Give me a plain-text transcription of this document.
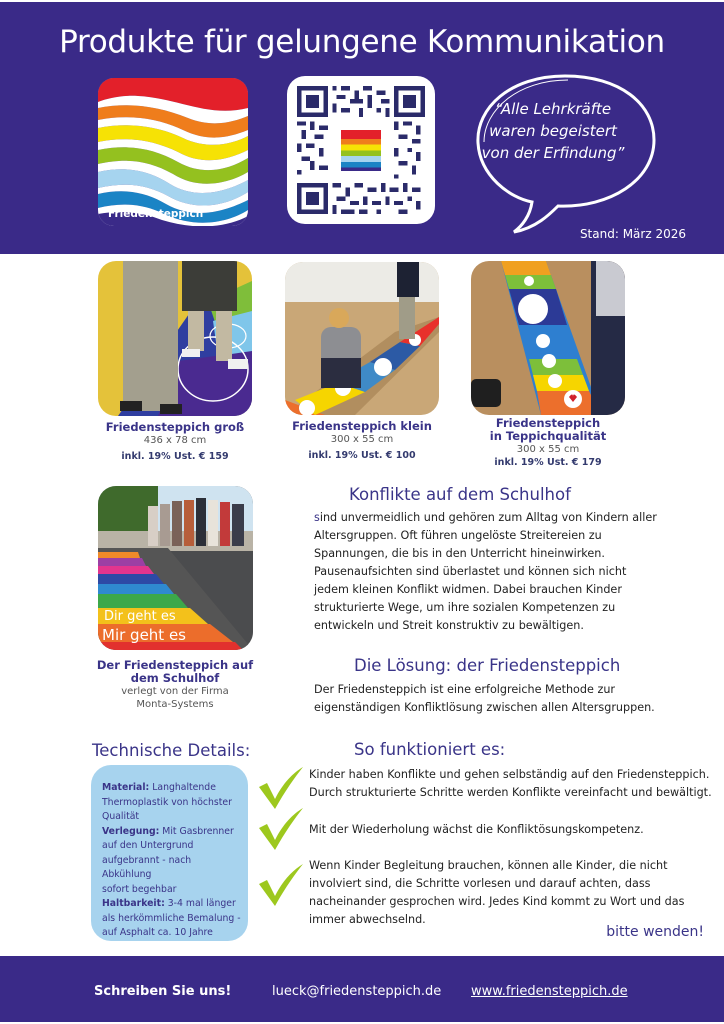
Produkte für gelungene Kommunikation
Friedensteppich
“Alle Lehrkräfte
waren begeistert
von der Erfindung”
Stand: März 2026
Friedensteppich groß
436 x 78 cm
inkl. 19% Ust. € 159
Friedensteppich klein
300 x 55 cm
inkl. 19% Ust. € 100
Friedensteppich
in Teppichqualität
300 x 55 cm
inkl. 19% Ust. € 179
Dir geht es
Mir geht es
Der Friedensteppich auf
dem Schulhof
verlegt von der Firma
Monta-Systems
Konflikte auf dem Schulhof
sind unvermeidlich und gehören zum Alltag von Kindern aller
Altersgruppen. Oft führen ungelöste Streitereien zu
Spannungen, die bis in den Unterricht hineinwirken.
Pausenaufsichten sind überlastet und können sich nicht
jedem kleinen Konflikt widmen. Dabei brauchen Kinder
strukturierte Wege, um ihre sozialen Kompetenzen zu
entwickeln und Streit konstruktiv zu bewältigen.
Die Lösung: der Friedensteppich
Der Friedensteppich ist eine erfolgreiche Methode zur
eigenständigen Konfliktlösung zwischen allen Altersgruppen.
Technische Details:
Material: Langhaltende
Thermoplastik von höchster
Qualität
Verlegung: Mit Gasbrenner
auf den Untergrund
aufgebrannt - nach Abkühlung
sofort begehbar
Haltbarkeit: 3-4 mal länger
als herkömmliche Bemalung -
auf Asphalt ca. 10 Jahre
So funktioniert es:
Kinder haben Konflikte und gehen selbständig auf den Friedensteppich.
Durch strukturierte Schritte werden Konflikte vereinfacht und bewältigt.
Mit der Wiederholung wächst die Konfliktösungskompetenz.
Wenn Kinder Begleitung brauchen, können alle Kinder, die nicht
involviert sind, die Schritte vorlesen und darauf achten, dass
nacheinander gesprochen wird. Jedes Kind kommt zu Wort und das
immer abwechselnd.
bitte wenden!
Schreiben Sie uns!	lueck@friedensteppich.de www.friedensteppich.de
